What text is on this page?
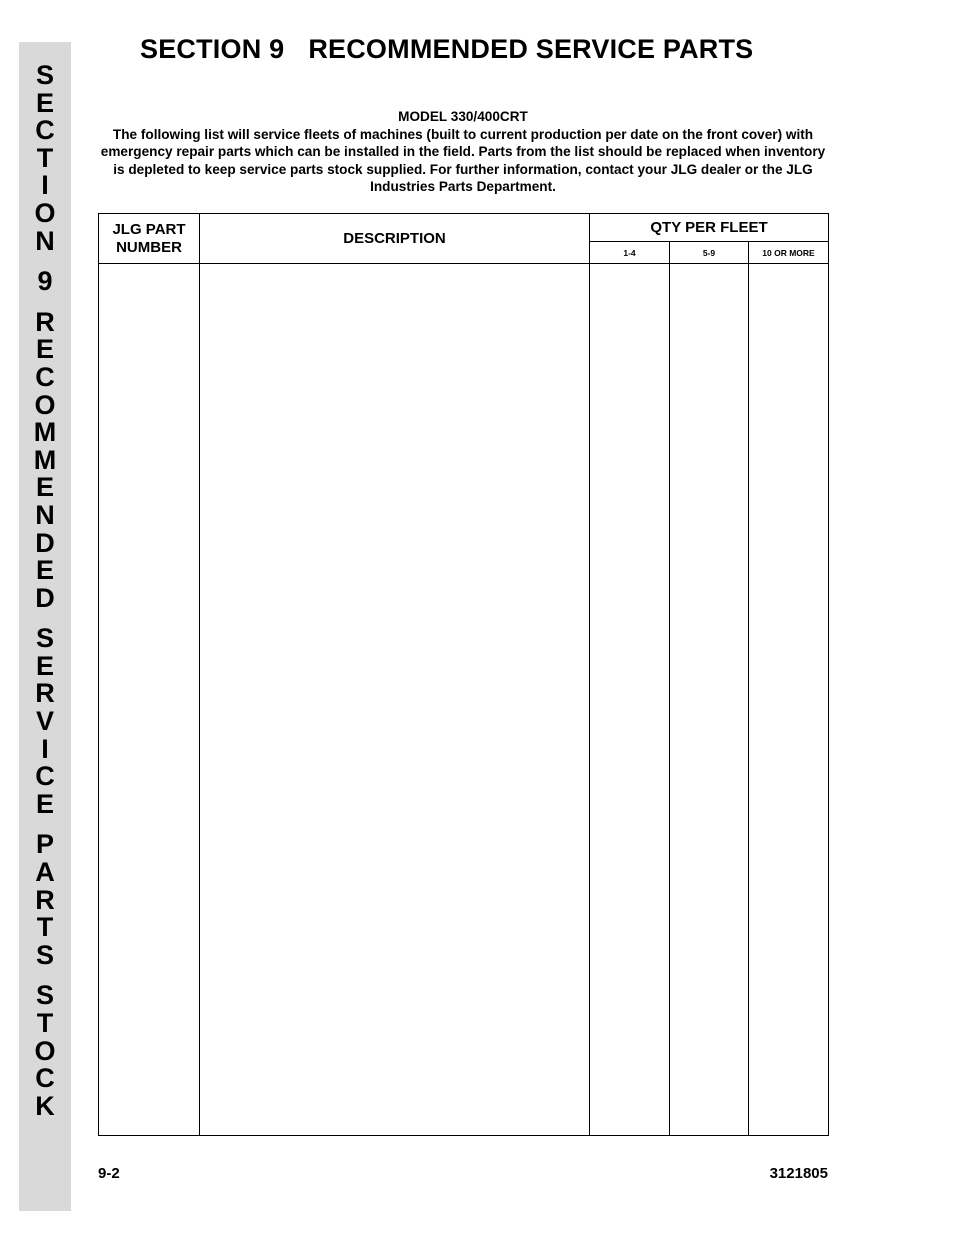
S
E
C
T
I
O
N
9
R
E
C
O
M
M
E
N
D
E
D
S
E
R
V
I
C
E
P
A
R
T
S
S
T
O
C
K
SECTION 9 RECOMMENDED SERVICE PARTS
MODEL 330/400CRT
The following list will service fleets of machines (built to current production per date on the front cover) with emergency repair parts which can be installed in the field. Parts from the list should be replaced when inventory is depleted to keep service parts stock supplied. For further information, contact your JLG dealer or the JLG Industries Parts Department.
JLG PART NUMBER	DESCRIPTION	QTY PER FLEET		
		1-4	5-9	10 OR MORE

9-2	3121805
